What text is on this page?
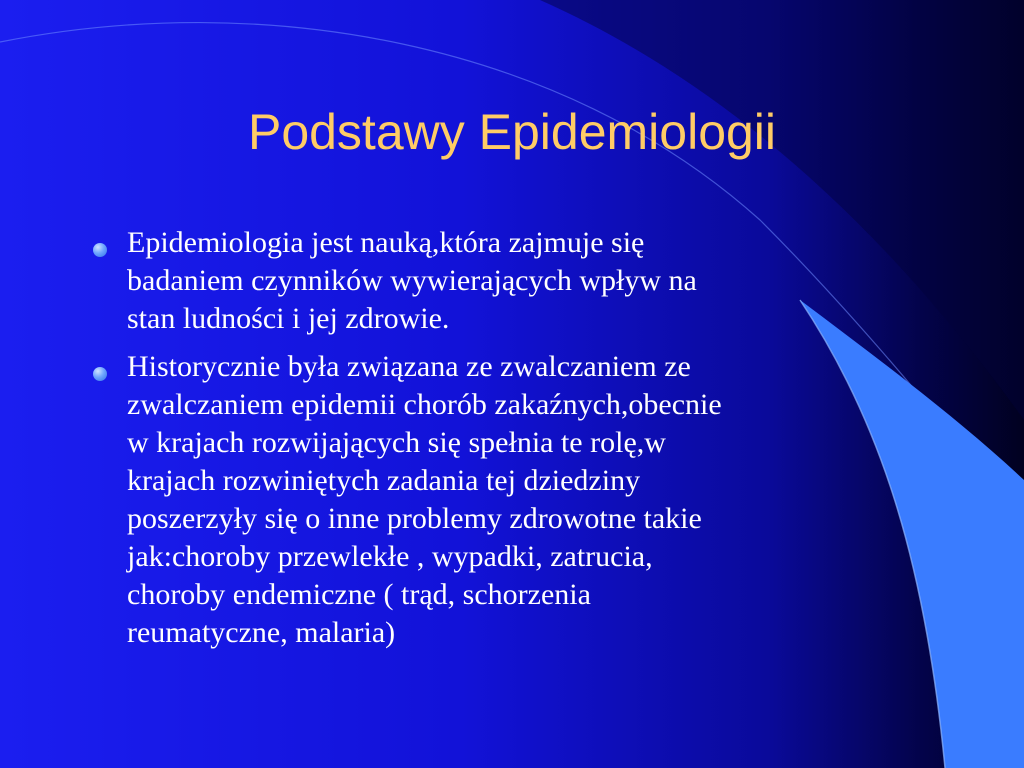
Podstawy Epidemiologii
Epidemiologia jest nauką,która zajmuje się
badaniem czynników wywierających wpływ na
stan ludności i jej zdrowie.
Historycznie była związana ze zwalczaniem ze
zwalczaniem epidemii chorób zakaźnych,obecnie
w krajach rozwijających się spełnia te rolę,w
krajach rozwiniętych zadania tej dziedziny
poszerzyły się o inne problemy zdrowotne takie
jak:choroby przewlekłe , wypadki, zatrucia,
choroby endemiczne ( trąd, schorzenia
reumatyczne, malaria)
